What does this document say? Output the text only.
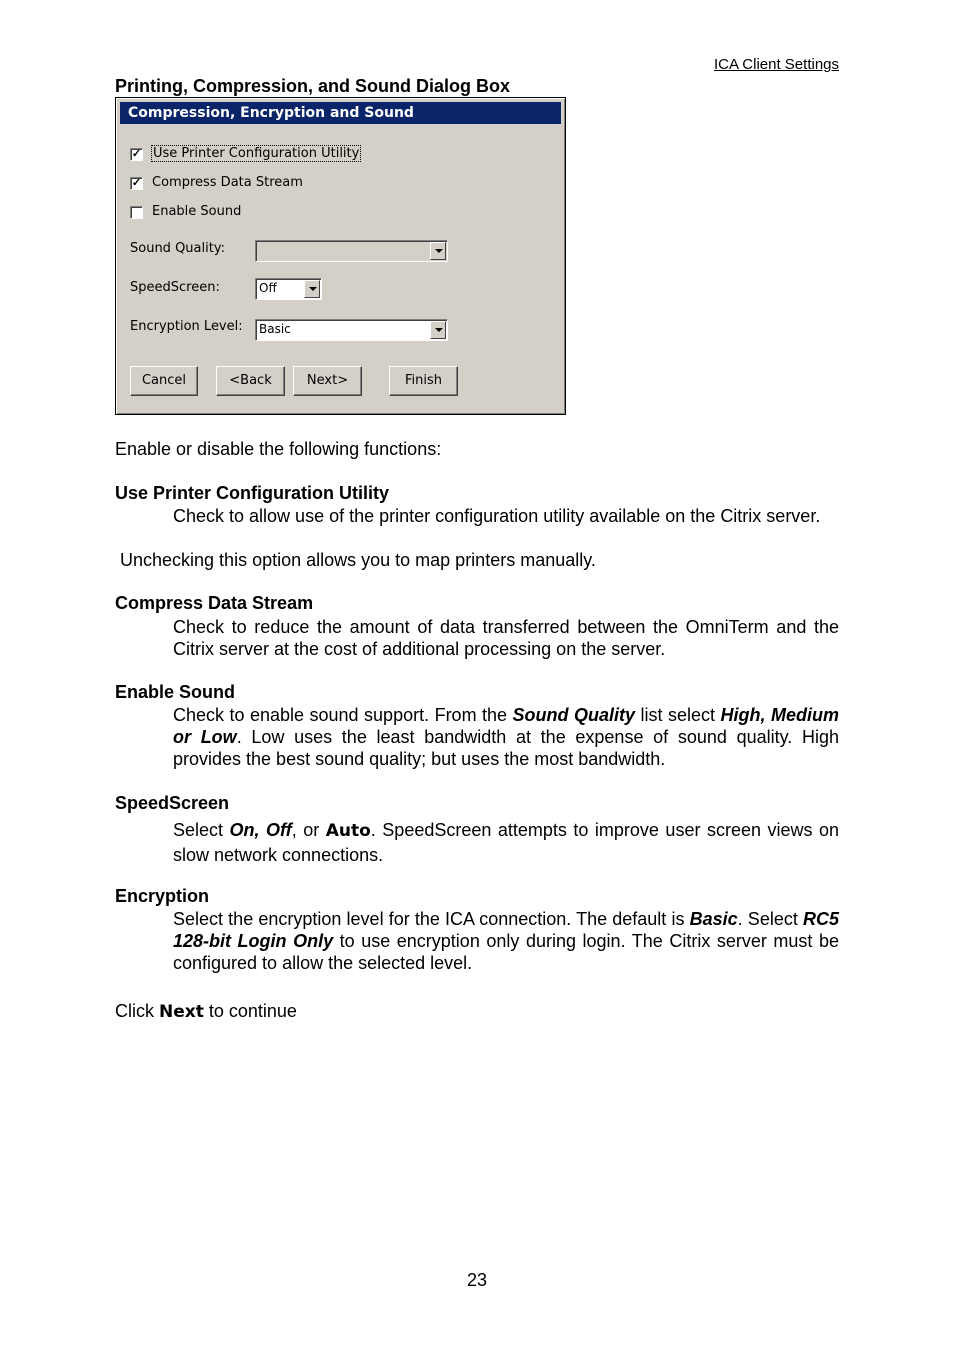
ICA Client Settings
Printing, Compression, and Sound Dialog Box
Compression, Encryption and Sound
✓ Use Printer Configuration Utility
✓ Compress Data Stream
Enable Sound
Sound Quality:
SpeedScreen:	Off
Encryption Level: Basic
Cancel	<Back	Next>	Finish
Enable or disable the following functions:
Use Printer Configuration Utility
Check to allow use of the printer configuration utility available on the Citrix server.
Unchecking this option allows you to map printers manually.
Compress Data Stream
Check to reduce the amount of data transferred between the OmniTerm and the Citrix server at the cost of additional processing on the server.
Enable Sound
Check to enable sound support. From the Sound Quality list select High, Medium or Low. Low uses the least bandwidth at the expense of sound quality. High provides the best sound quality; but uses the most bandwidth.
SpeedScreen
Select On, Off, or Auto. SpeedScreen attempts to improve user screen views on slow network connections.
Encryption
Select the encryption level for the ICA connection. The default is Basic. Select RC5 128-bit Login Only to use encryption only during login. The Citrix server must be configured to allow the selected level.
Click Next to continue
23
